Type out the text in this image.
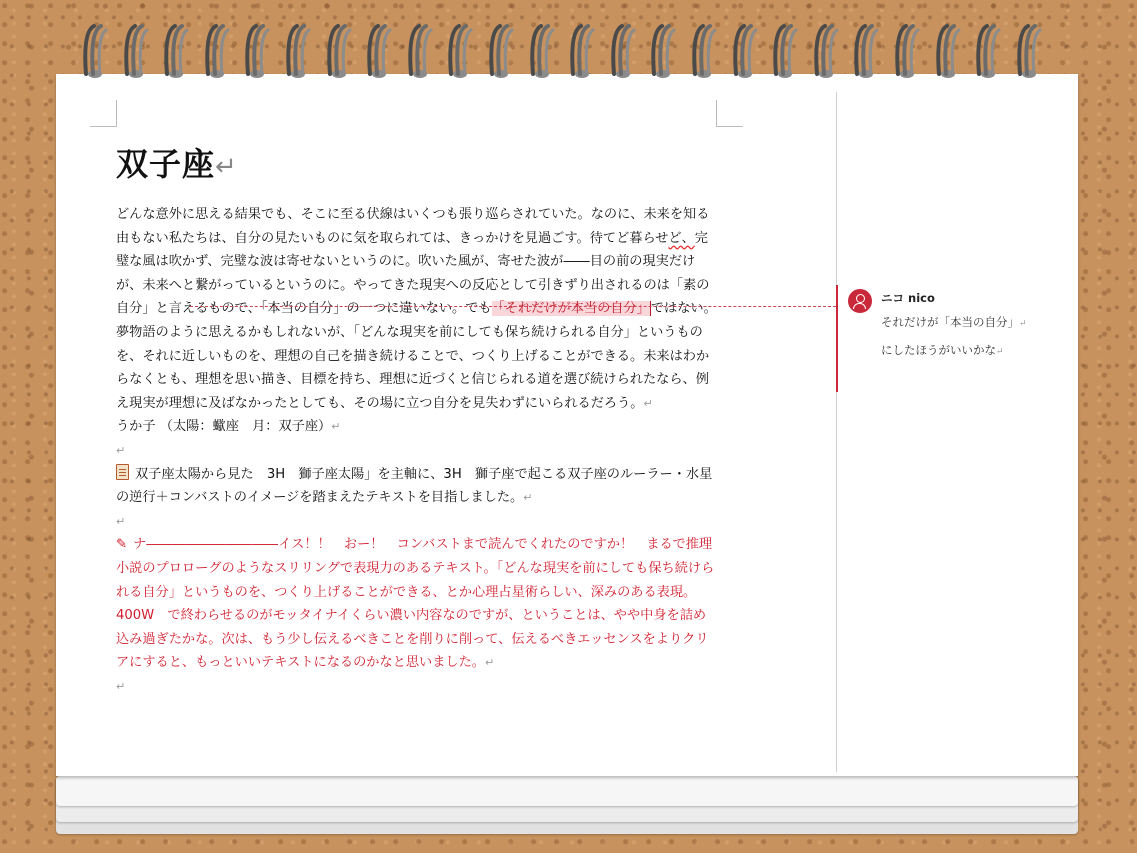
双子座↵

どんな意外に思える結果でも、そこに至る伏線はいくつも張り巡らされていた。なのに、未来を知る由もない私たちは、自分の見たいものに気を取られては、きっかけを見過ごす。待てど暮らせど、完璧な風は吹かず、完璧な波は寄せないというのに。吹いた風が、寄せた波が――目の前の現実だけが、未来へと繋がっているというのに。やってきた現実への反応として引きずり出されるのは「素の自分」と言えるもので、「本当の自分」の一つに違いない。でも「それだけが本当の自分」ではない。夢物語のように思えるかもしれないが、「どんな現実を前にしても保ち続けられる自分」というものを、それに近しいものを、理想の自己を描き続けることで、つくり上げることができる。未来はわからなくとも、理想を思い描き、目標を持ち、理想に近づくと信じられる道を選び続けられたなら、例え現実が理想に及ばなかったとしても、その場に立つ自分を見失わずにいられるだろう。↵

うか子 （太陽：蠍座　月：双子座）↵

↵

双子座太陽から見た　3H　獅子座太陽」を主軸に、3H　獅子座で起こる双子座のルーラー・水星の逆行＋コンバストのイメージを踏まえたテキストを目指しました。↵

↵

✎ ナ――――――――――イス！！　おー！　コンバストまで読んでくれたのですか！　まるで推理小説のプロローグのようなスリリングで表現力のあるテキスト。「どんな現実を前にしても保ち続けられる自分」というものを、つくり上げることができる、とか心理占星術らしい、深みのある表現。400W　で終わらせるのがモッタイナイくらい濃い内容なのですが、ということは、やや中身を詰め込み過ぎたかな。次は、もう少し伝えるべきことを削りに削って、伝えるべきエッセンスをよりクリアにすると、もっといいテキストになるのかなと思いました。↵

↵

ニコ nico
それだけが「本当の自分」↵
にしたほうがいいかな↵
